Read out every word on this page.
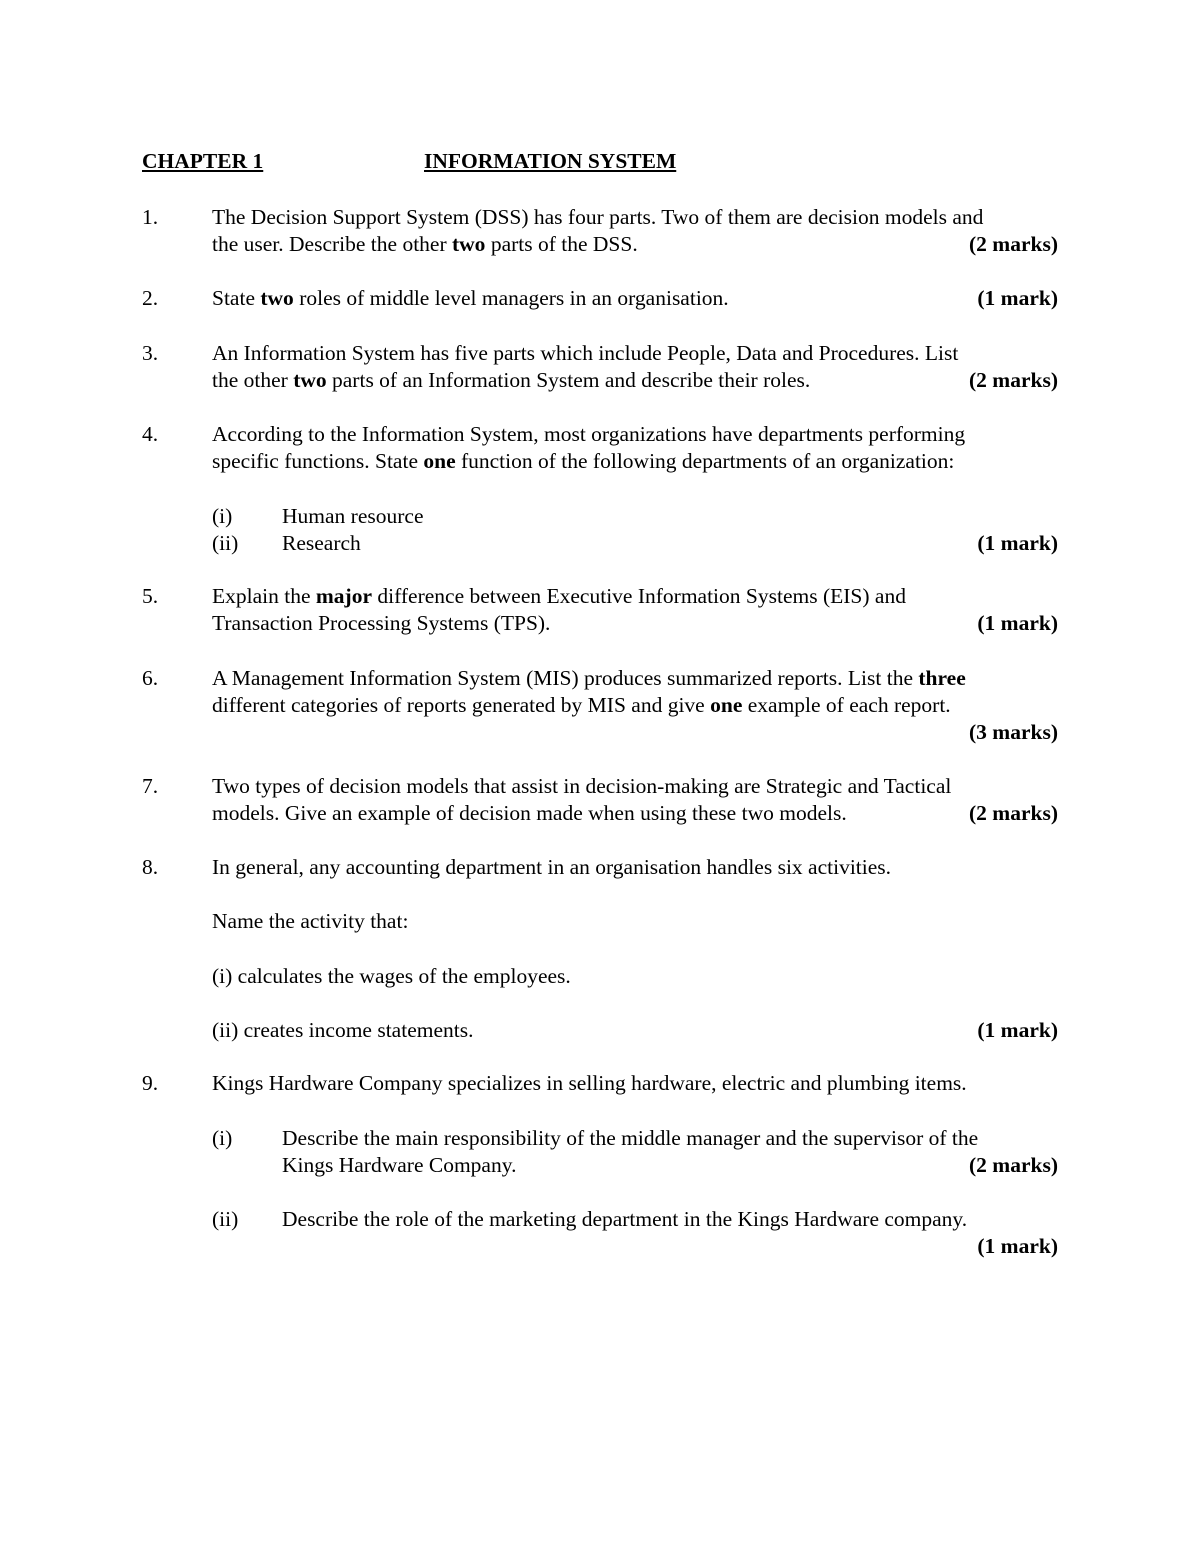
CHAPTER 1	INFORMATION SYSTEM
1.	The Decision Support System (DSS) has four parts. Two of them are decision models and
the user. Describe the other two parts of the DSS.	(2 marks)
2.	State two roles of middle level managers in an organisation.	(1 mark)
3.	An Information System has five parts which include People, Data and Procedures. List
the other two parts of an Information System and describe their roles.	(2 marks)
4.	According to the Information System, most organizations have departments performing
specific functions. State one function of the following departments of an organization:
(i) Human resource
(ii) Research	(1 mark)
5.	Explain the major difference between Executive Information Systems (EIS) and
Transaction Processing Systems (TPS).	(1 mark)
6.	A Management Information System (MIS) produces summarized reports. List the three
different categories of reports generated by MIS and give one example of each report.
(3 marks)
7.	Two types of decision models that assist in decision-making are Strategic and Tactical
models. Give an example of decision made when using these two models.	(2 marks)
8.	In general, any accounting department in an organisation handles six activities.
Name the activity that:
(i) calculates the wages of the employees.
(ii) creates income statements.	(1 mark)
9.	Kings Hardware Company specializes in selling hardware, electric and plumbing items.
(i) Describe the main responsibility of the middle manager and the supervisor of the
Kings Hardware Company.	(2 marks)
(ii) Describe the role of the marketing department in the Kings Hardware company.
(1 mark)
